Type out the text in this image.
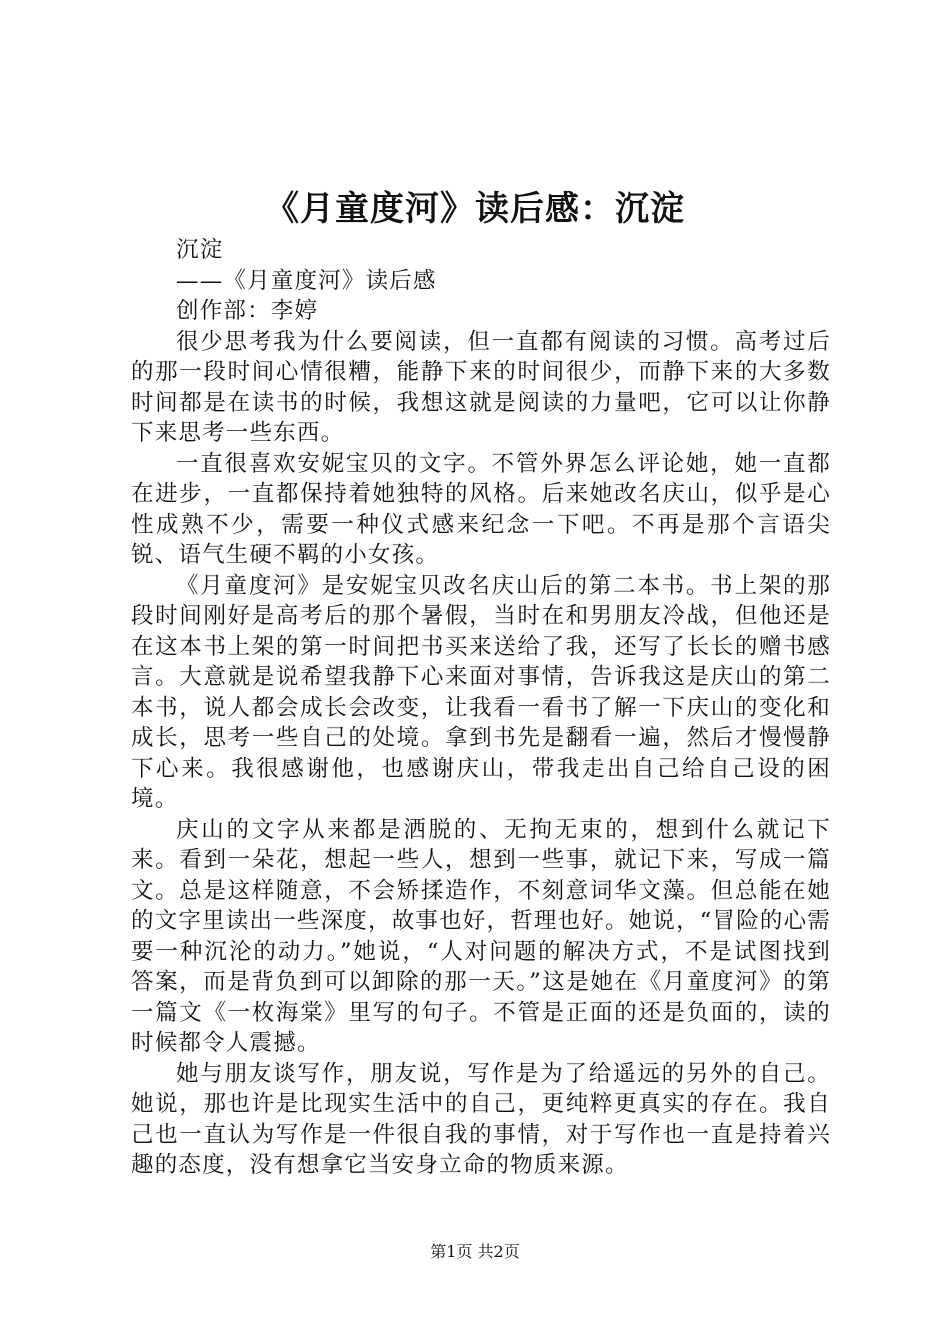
《月童度河》读后感：沉淀

沉淀

——《月童度河》读后感

创作部：李婷

很少思考我为什么要阅读，但一直都有阅读的习惯。高考过后的那一段时间心情很糟，能静下来的时间很少，而静下来的大多数时间都是在读书的时候，我想这就是阅读的力量吧，它可以让你静下来思考一些东西。

一直很喜欢安妮宝贝的文字。不管外界怎么评论她，她一直都在进步，一直都保持着她独特的风格。后来她改名庆山，似乎是心性成熟不少，需要一种仪式感来纪念一下吧。不再是那个言语尖锐、语气生硬不羁的小女孩。

《月童度河》是安妮宝贝改名庆山后的第二本书。书上架的那段时间刚好是高考后的那个暑假，当时在和男朋友冷战，但他还是在这本书上架的第一时间把书买来送给了我，还写了长长的赠书感言。大意就是说希望我静下心来面对事情，告诉我这是庆山的第二本书，说人都会成长会改变，让我看一看书了解一下庆山的变化和成长，思考一些自己的处境。拿到书先是翻看一遍，然后才慢慢静下心来。我很感谢他，也感谢庆山，带我走出自己给自己设的困境。

庆山的文字从来都是洒脱的、无拘无束的，想到什么就记下来。看到一朵花，想起一些人，想到一些事，就记下来，写成一篇文。总是这样随意，不会矫揉造作，不刻意词华文藻。但总能在她的文字里读出一些深度，故事也好，哲理也好。她说，“冒险的心需要一种沉沦的动力。”她说，“人对问题的解决方式，不是试图找到答案，而是背负到可以卸除的那一天。”这是她在《月童度河》的第一篇文《一枚海棠》里写的句子。不管是正面的还是负面的，读的时候都令人震撼。

她与朋友谈写作，朋友说，写作是为了给遥远的另外的自己。她说，那也许是比现实生活中的自己，更纯粹更真实的存在。我自己也一直认为写作是一件很自我的事情，对于写作也一直是持着兴趣的态度，没有想拿它当安身立命的物质来源。

第1页 共2页
